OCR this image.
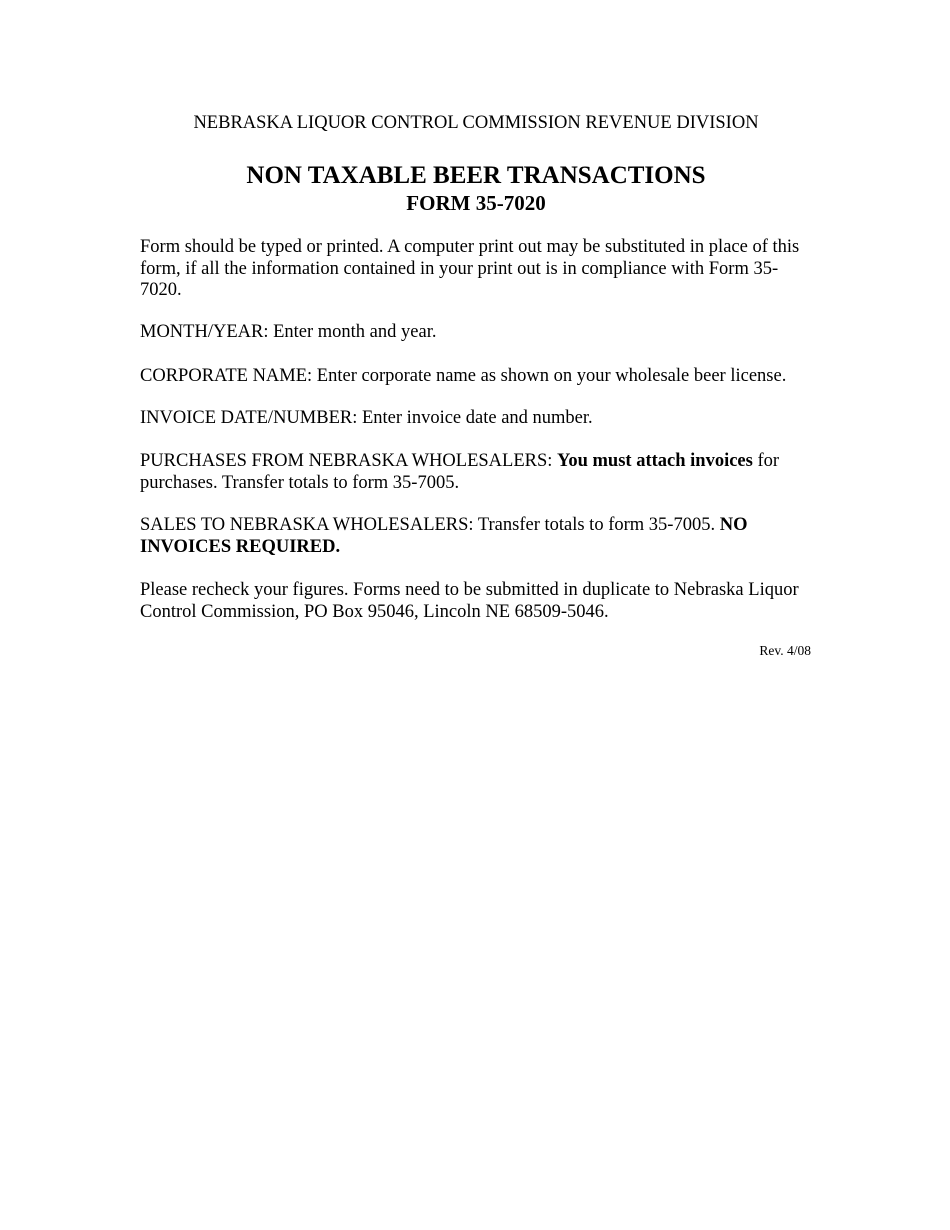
NEBRASKA LIQUOR CONTROL COMMISSION REVENUE DIVISION
NON TAXABLE BEER TRANSACTIONS
FORM 35-7020

Form should be typed or printed. A computer print out may be substituted in place of this form, if all the information contained in your print out is in compliance with Form 35-7020.

MONTH/YEAR: Enter month and year.

CORPORATE NAME: Enter corporate name as shown on your wholesale beer license.

INVOICE DATE/NUMBER: Enter invoice date and number.

PURCHASES FROM NEBRASKA WHOLESALERS: You must attach invoices for purchases. Transfer totals to form 35-7005.

SALES TO NEBRASKA WHOLESALERS: Transfer totals to form 35-7005. NO INVOICES REQUIRED.

Please recheck your figures. Forms need to be submitted in duplicate to Nebraska Liquor Control Commission, PO Box 95046, Lincoln NE 68509-5046.

Rev. 4/08
